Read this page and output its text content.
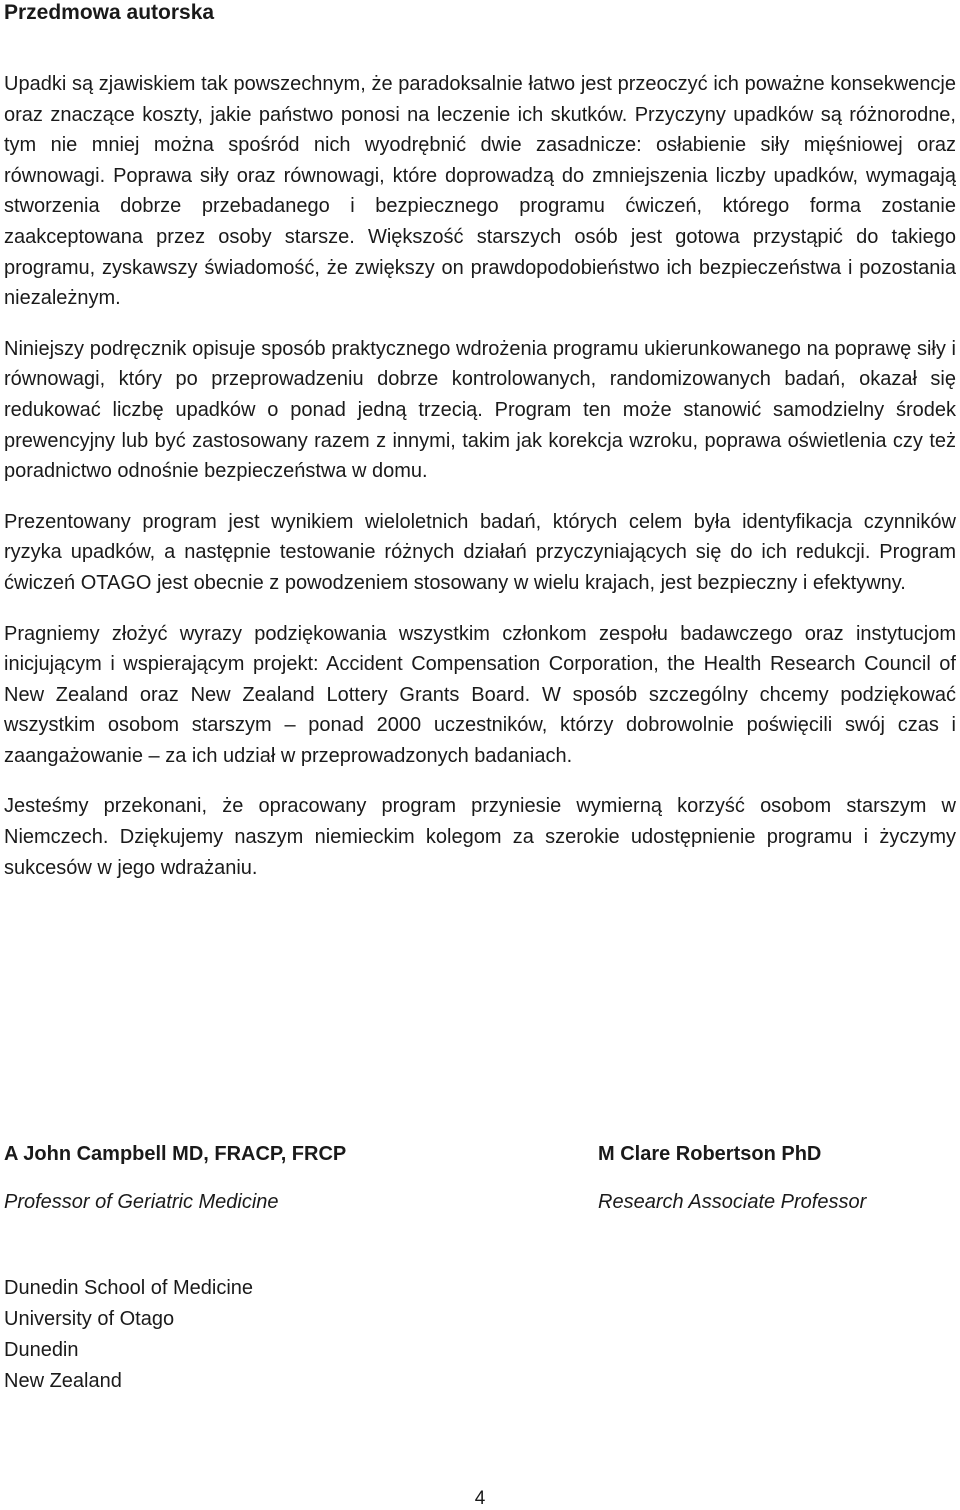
Przedmowa autorska

Upadki są zjawiskiem tak powszechnym, że paradoksalnie łatwo jest przeoczyć ich poważne konsekwencje oraz znaczące koszty, jakie państwo ponosi na leczenie ich skutków. Przyczyny upadków są różnorodne, tym nie mniej można spośród nich wyodrębnić dwie zasadnicze: osłabienie siły mięśniowej oraz równowagi. Poprawa siły oraz równowagi, które doprowadzą do zmniejszenia liczby upadków, wymagają stworzenia dobrze przebadanego i bezpiecznego programu ćwiczeń, którego forma zostanie zaakceptowana przez osoby starsze. Większość starszych osób jest gotowa przystąpić do takiego programu, zyskawszy świadomość, że zwiększy on prawdopodobieństwo ich bezpieczeństwa i pozostania niezależnym.

Niniejszy podręcznik opisuje sposób praktycznego wdrożenia programu ukierunkowanego na poprawę siły i równowagi, który po przeprowadzeniu dobrze kontrolowanych, randomizowanych badań, okazał się redukować liczbę upadków o ponad jedną trzecią. Program ten może stanowić samodzielny środek prewencyjny lub być zastosowany razem z innymi, takim jak korekcja wzroku, poprawa oświetlenia czy też poradnictwo odnośnie bezpieczeństwa w domu.

Prezentowany program jest wynikiem wieloletnich badań, których celem była identyfikacja czynników ryzyka upadków, a następnie testowanie różnych działań przyczyniających się do ich redukcji. Program ćwiczeń OTAGO jest obecnie z powodzeniem stosowany w wielu krajach, jest bezpieczny i efektywny.

Pragniemy złożyć wyrazy podziękowania wszystkim członkom zespołu badawczego oraz instytucjom inicjującym i wspierającym projekt: Accident Compensation Corporation, the Health Research Council of New Zealand oraz New Zealand Lottery Grants Board. W sposób szczególny chcemy podziękować wszystkim osobom starszym – ponad 2000 uczestników, którzy dobrowolnie poświęcili swój czas i zaangażowanie – za ich udział w przeprowadzonych badaniach.

Jesteśmy przekonani, że opracowany program przyniesie wymierną korzyść osobom starszym w Niemczech. Dziękujemy naszym niemieckim kolegom za szerokie udostępnienie programu i życzymy sukcesów w jego wdrażaniu.

A John Campbell MD, FRACP, FRCP

Professor of Geriatric Medicine

M Clare Robertson PhD

Research Associate Professor

Dunedin School of Medicine
University of Otago
Dunedin
New Zealand
4
